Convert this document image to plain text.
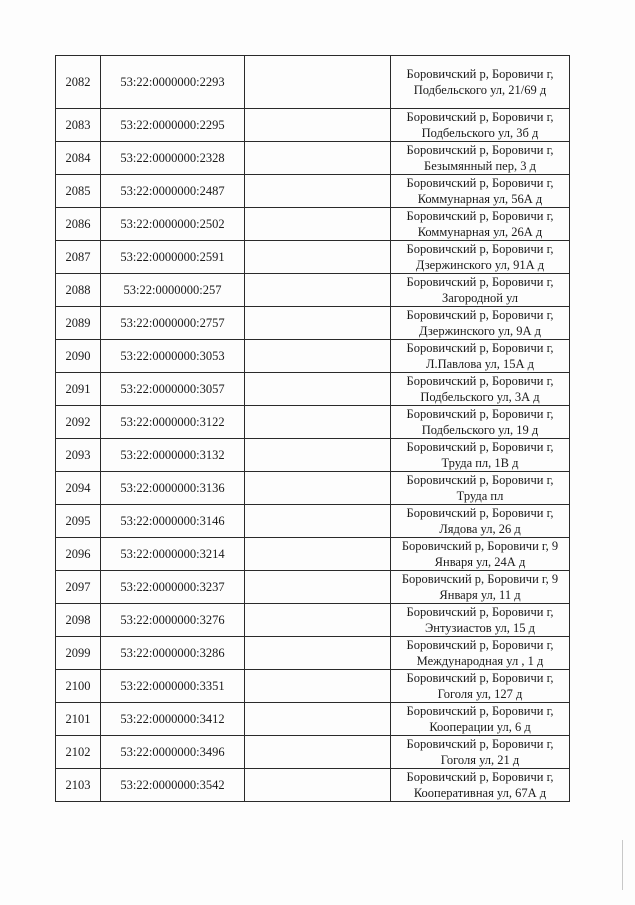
2082	53:22:0000000:2293		Боровичский р, Боровичи г, Подбельского ул, 21/69 д

2083	53:22:0000000:2295		Боровичский р, Боровичи г, Подбельского ул, 3б д

2084	53:22:0000000:2328		Боровичский р, Боровичи г, Безымянный пер, 3 д

2085	53:22:0000000:2487		Боровичский р, Боровичи г, Коммунарная ул, 56А д

2086	53:22:0000000:2502		Боровичский р, Боровичи г, Коммунарная ул, 26А д

2087	53:22:0000000:2591		Боровичский р, Боровичи г, Дзержинского ул, 91А д

2088	53:22:0000000:257		Боровичский р, Боровичи г, Загородной ул

2089	53:22:0000000:2757		Боровичский р, Боровичи г, Дзержинского ул, 9А д

2090	53:22:0000000:3053		Боровичский р, Боровичи г, Л.Павлова ул, 15А д

2091	53:22:0000000:3057		Боровичский р, Боровичи г, Подбельского ул, 3А д

2092	53:22:0000000:3122		Боровичский р, Боровичи г, Подбельского ул, 19 д

2093	53:22:0000000:3132		Боровичский р, Боровичи г, Труда пл, 1В д

2094	53:22:0000000:3136		Боровичский р, Боровичи г, Труда пл

2095	53:22:0000000:3146		Боровичский р, Боровичи г, Лядова ул, 26 д

2096	53:22:0000000:3214		Боровичский р, Боровичи г, 9 Января ул, 24А д

2097	53:22:0000000:3237		Боровичский р, Боровичи г, 9 Января ул, 11 д

2098	53:22:0000000:3276		Боровичский р, Боровичи г, Энтузиастов ул, 15 д

2099	53:22:0000000:3286		Боровичский р, Боровичи г, Международная ул , 1 д

2100	53:22:0000000:3351		Боровичский р, Боровичи г, Гоголя ул, 127 д

2101	53:22:0000000:3412		Боровичский р, Боровичи г, Кооперации ул, 6 д

2102	53:22:0000000:3496		Боровичский р, Боровичи г, Гоголя ул, 21 д

2103	53:22:0000000:3542		Боровичский р, Боровичи г, Кооперативная ул, 67А д
